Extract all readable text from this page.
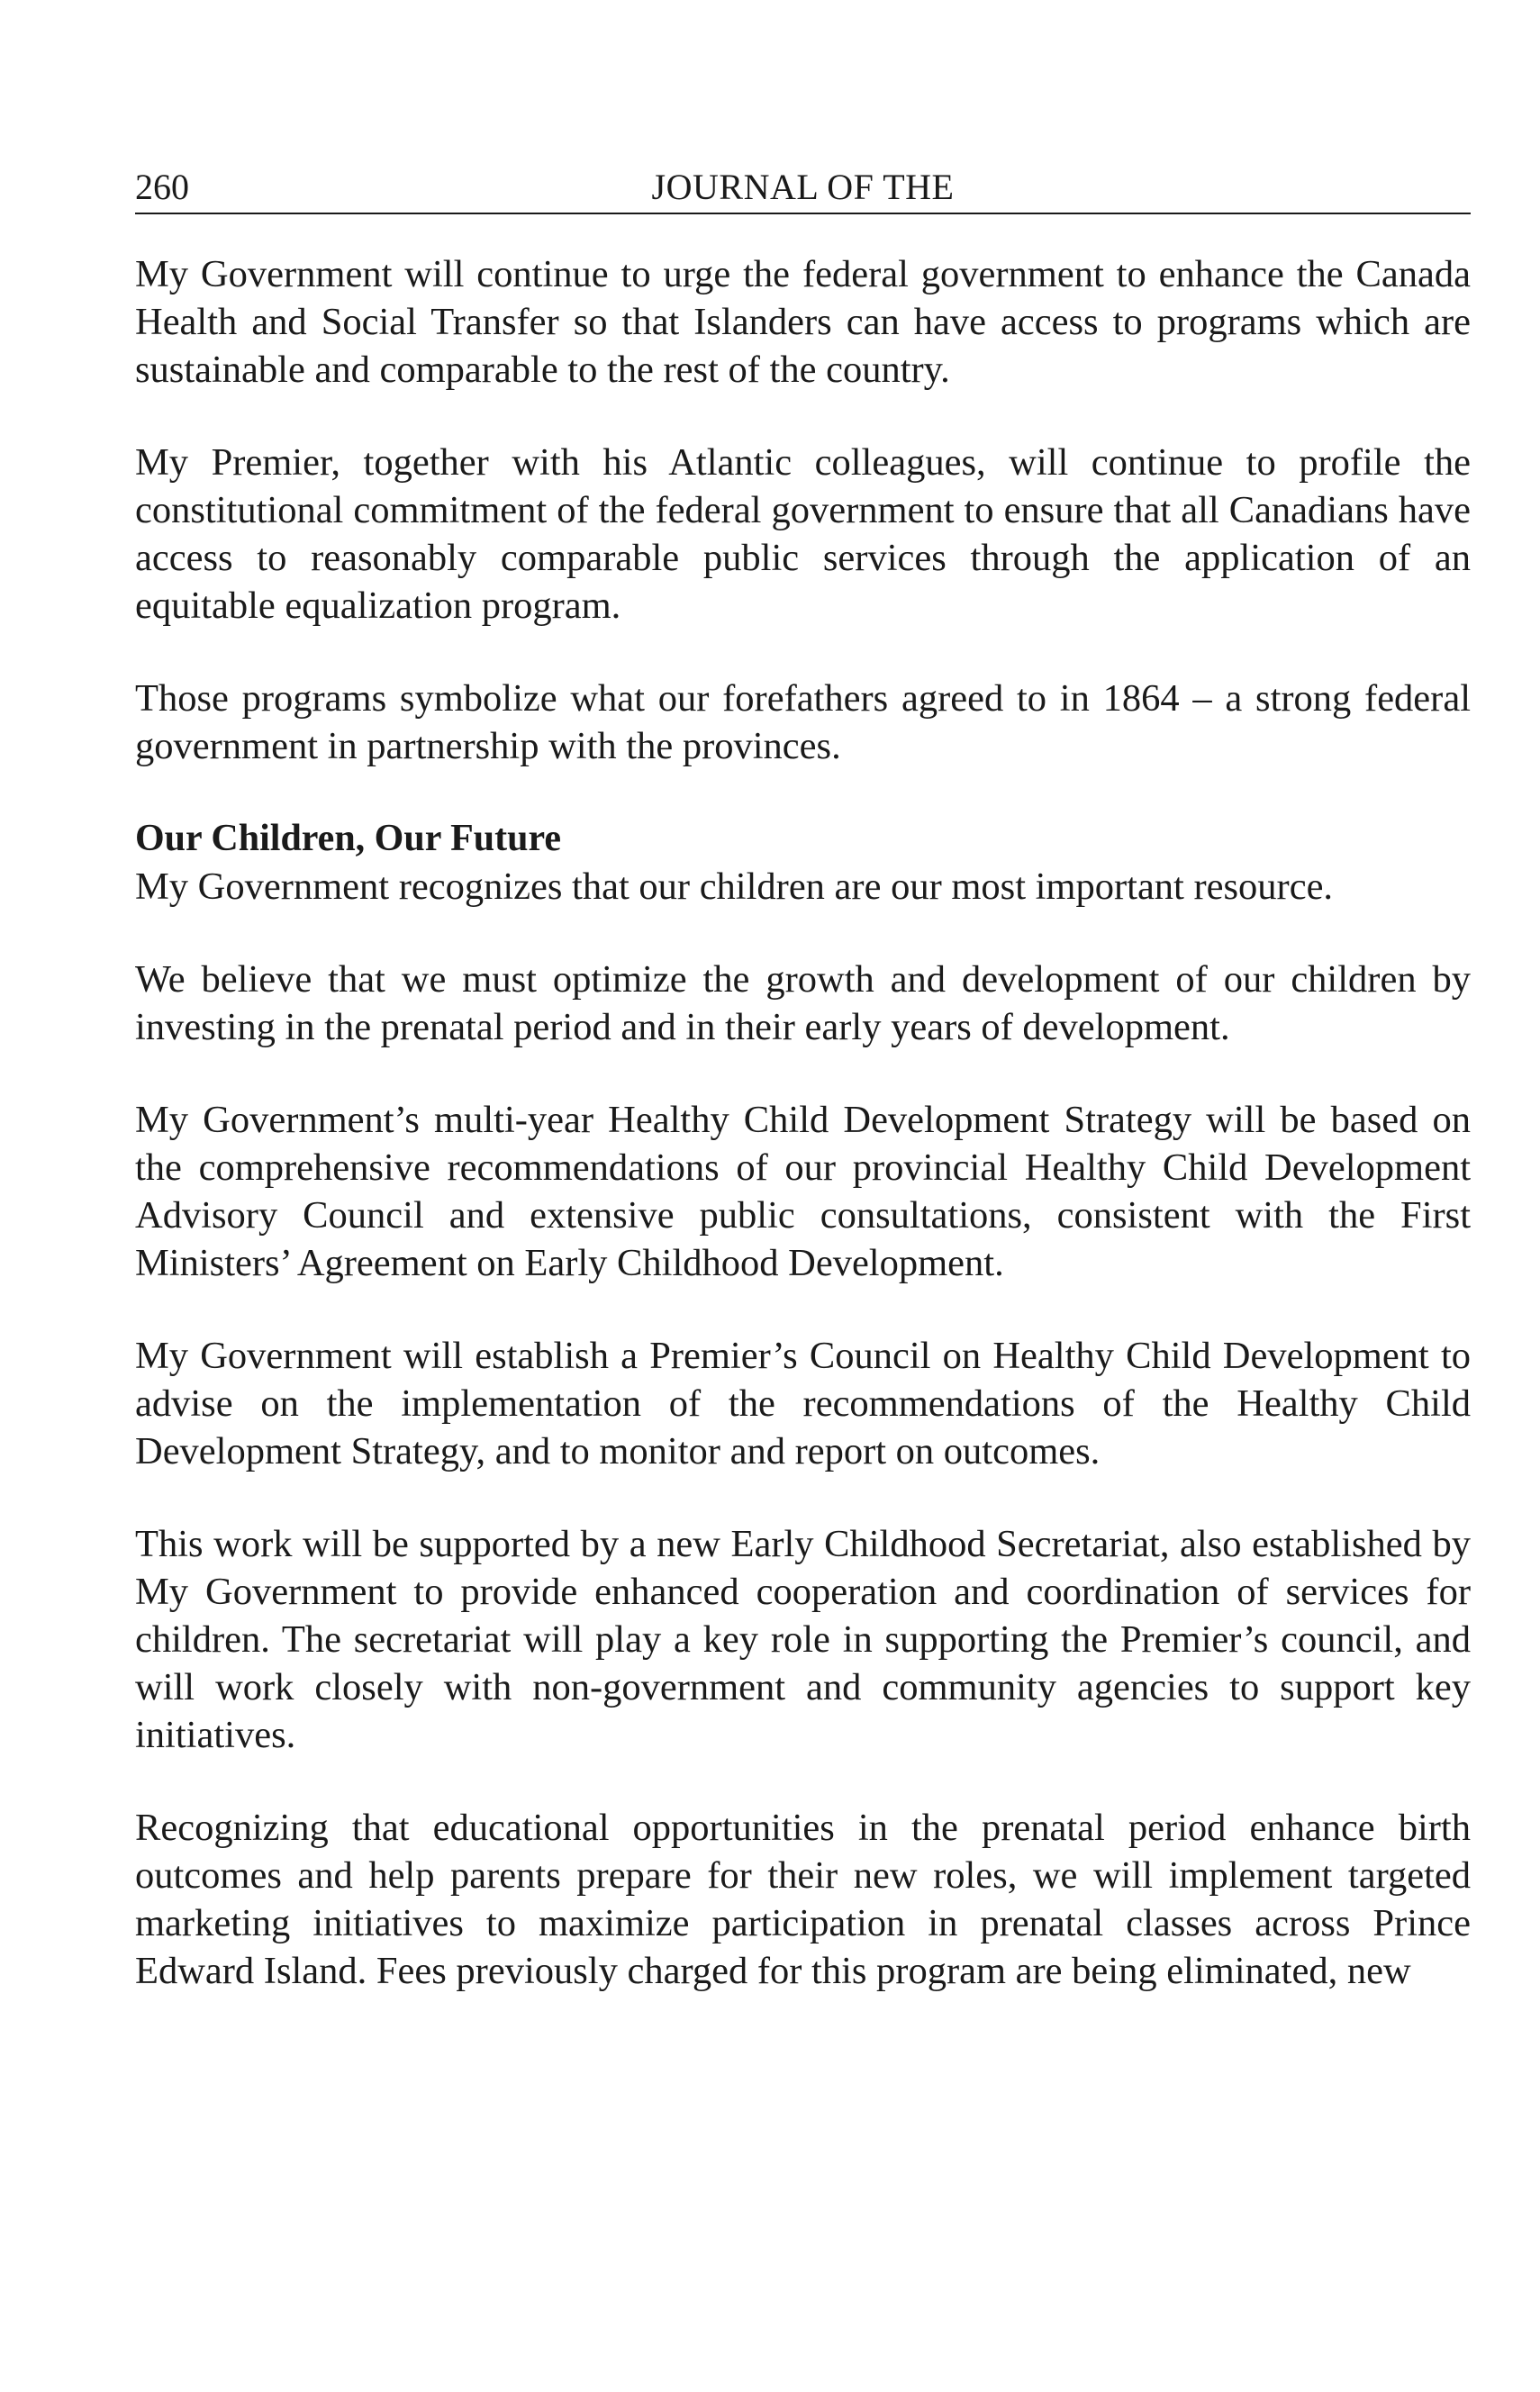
260	JOURNAL OF THE

My Government will continue to urge the federal government to enhance the Canada Health and Social Transfer so that Islanders can have access to programs which are sustainable and comparable to the rest of the country.

My Premier, together with his Atlantic colleagues, will continue to profile the constitutional commitment of the federal government to ensure that all Canadians have access to reasonably comparable public services through the application of an equitable equalization program.

Those programs symbolize what our forefathers agreed to in 1864 – a strong federal government in partnership with the provinces.

Our Children, Our Future

My Government recognizes that our children are our most important resource.

We believe that we must optimize the growth and development of our children by investing in the prenatal period and in their early years of development.

My Government’s multi-year Healthy Child Development Strategy will be based on the comprehensive recommendations of our provincial Healthy Child Development Advisory Council and extensive public consultations, consistent with the First Ministers’ Agreement on Early Childhood Development.

My Government will establish a Premier’s Council on Healthy Child Development to advise on the implementation of the recommendations of the Healthy Child Development Strategy, and to monitor and report on outcomes.

This work will be supported by a new Early Childhood Secretariat, also established by My Government to provide enhanced cooperation and coordination of services for children. The secretariat will play a key role in supporting the Premier’s council, and will work closely with non-government and community agencies to support key initiatives.

Recognizing that educational opportunities in the prenatal period enhance birth outcomes and help parents prepare for their new roles, we will implement targeted marketing initiatives to maximize participation in prenatal classes across Prince Edward Island. Fees previously charged for this program are being eliminated, new
